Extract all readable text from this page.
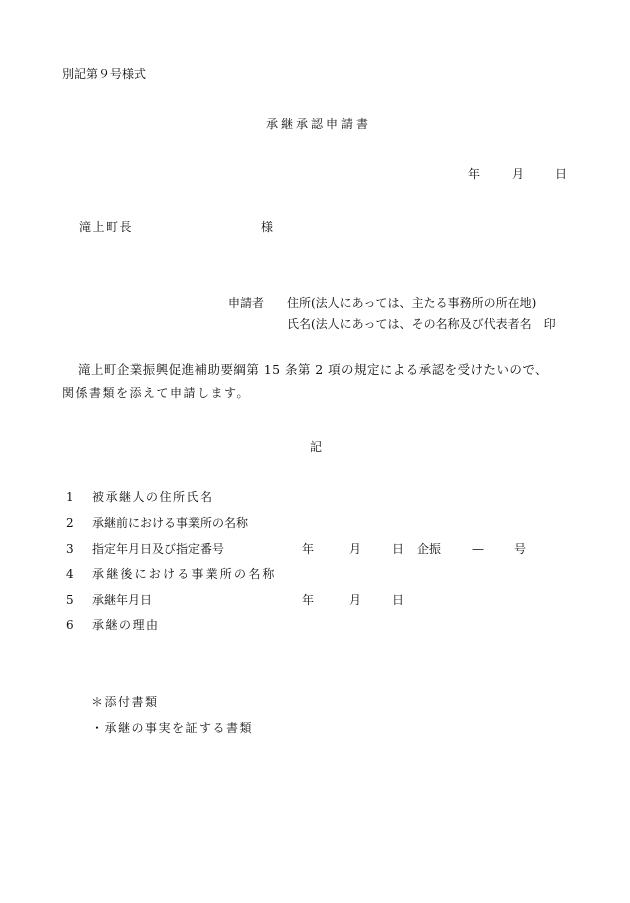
別記第９号様式
承継承認申請書
年	月	日
滝上町長	様
申請者 住所(法人にあっては、主たる事務所の所在地)
氏名(法人にあっては、その名称及び代表者名　印
滝上町企業振興促進補助要綱第 15 条第 2 項の規定による承認を受けたいので、
関係書類を添えて申請します。
記
1 被承継人の住所氏名
2 承継前における事業所の名称
3 指定年月日及び指定番号	年	月	日 企振	—	号
4 承継後における事業所の名称
5 承継年月日	年	月	日
6 承継の理由
＊添付書類
・承継の事実を証する書類
